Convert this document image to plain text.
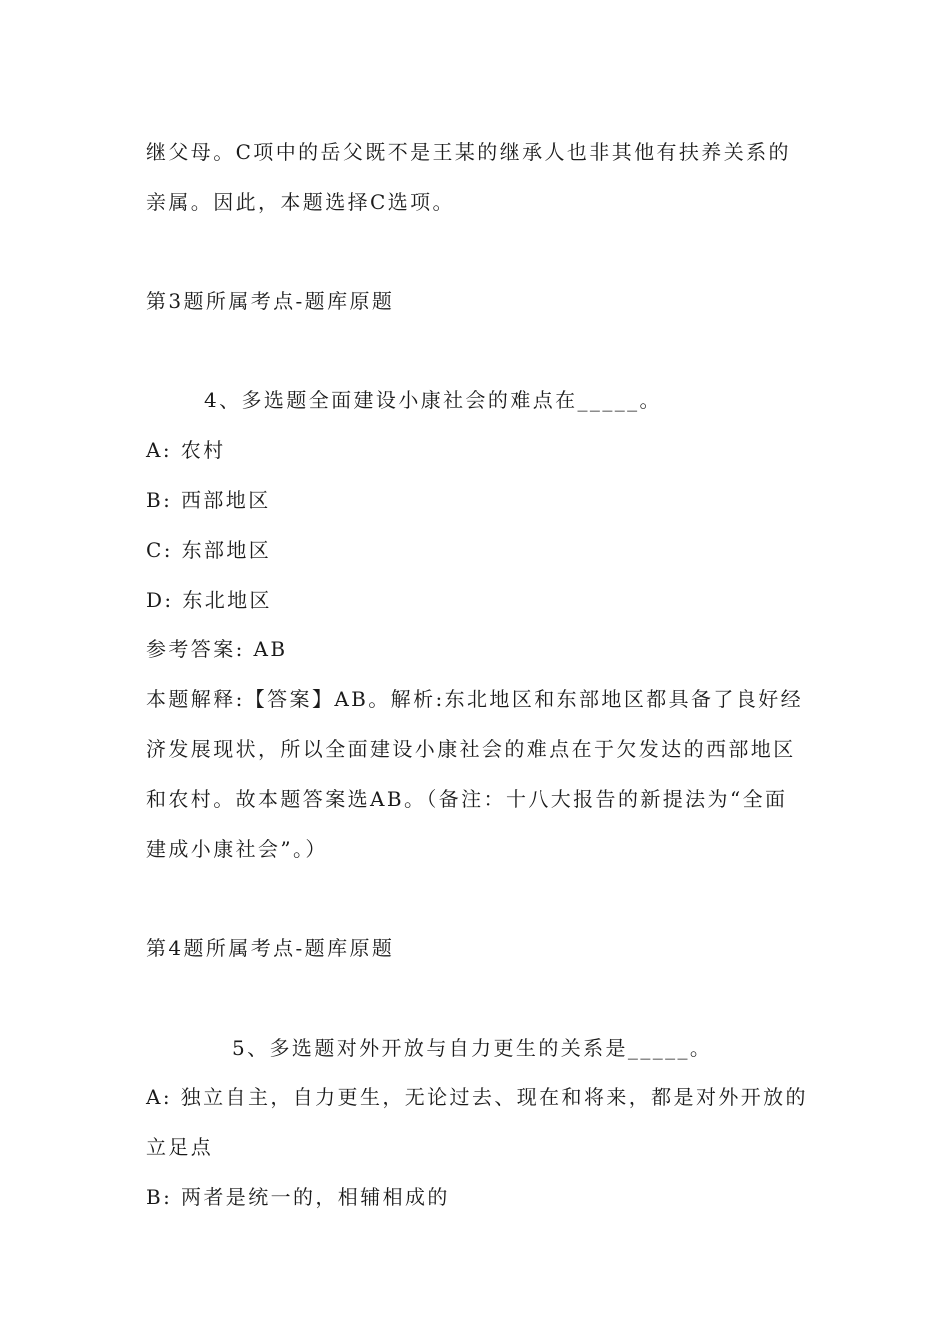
继父母。C项中的岳父既不是王某的继承人也非其他有扶养关系的
亲属。因此，本题选择C选项。
第3题所属考点-题库原题
4、多选题全面建设小康社会的难点在_____。
A: 农村
B: 西部地区
C: 东部地区
D: 东北地区
参考答案: AB
本题解释:【答案】AB。解析:东北地区和东部地区都具备了良好经
济发展现状，所以全面建设小康社会的难点在于欠发达的西部地区
和农村。故本题答案选AB。（备注：十八大报告的新提法为“全面
建成小康社会”。）
第4题所属考点-题库原题
5、多选题对外开放与自力更生的关系是_____。
A: 独立自主，自力更生，无论过去、现在和将来，都是对外开放的
立足点
B: 两者是统一的，相辅相成的
